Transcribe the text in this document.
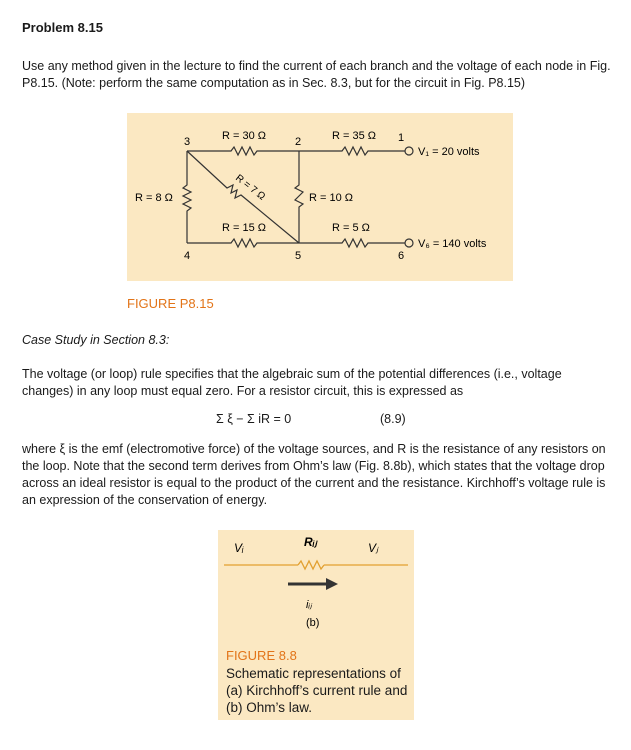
Problem 8.15
Use any method given in the lecture to find the current of each branch and the voltage of each node in Fig. P8.15. (Note: perform the same computation as in Sec. 8.3, but for the circuit in Fig. P8.15)
3	2	1
4	5	6
R = 30 Ω	R = 35 Ω
R = 8 Ω	R = 10 Ω
R = 15 Ω	R = 5 Ω
R = 7 Ω
V₁ = 20 volts
V₆ = 140 volts
FIGURE P8.15
Case Study in Section 8.3:
The voltage (or loop) rule specifies that the algebraic sum of the potential differences (i.e., voltage changes) in any loop must equal zero. For a resistor circuit, this is expressed as
Σ ξ − Σ iR = 0	(8.9)
where ξ is the emf (electromotive force) of the voltage sources, and R is the resistance of any resistors on the loop. Note that the second term derives from Ohm’s law (Fig. 8.8b), which states that the voltage drop across an ideal resistor is equal to the product of the current and the resistance. Kirchhoff’s voltage rule is an expression of the conservation of energy.
Vᵢ	Rᵢⱼ	Vⱼ
iᵢⱼ
(b)
FIGURE 8.8
Schematic representations of (a) Kirchhoff’s current rule and (b) Ohm’s law.
